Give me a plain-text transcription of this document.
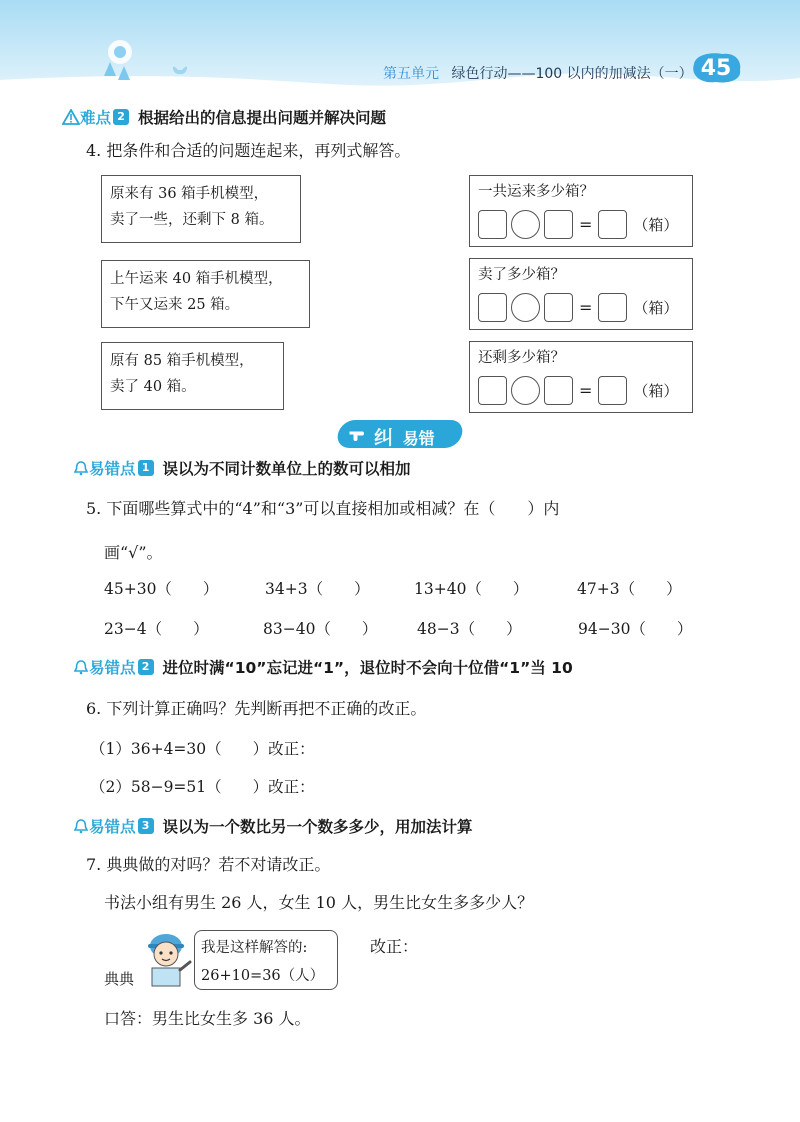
第五单元 绿色行动——100 以内的加减法（一） 45
难点 2 根据给出的信息提出问题并解决问题
4. 把条件和合适的问题连起来，再列式解答。
原来有 36 箱手机模型，
卖了一些，还剩下 8 箱。
上午运来 40 箱手机模型，
下午又运来 25 箱。
原有 85 箱手机模型，
卖了 40 箱。
一共运来多少箱？
=	（箱）
卖了多少箱？
=	（箱）
还剩多少箱？
=	（箱）
纠 易错
易错点 1 误以为不同计数单位上的数可以相加
5. 下面哪些算式中的“4”和“3”可以直接相加或相减？在（　　）内
画“√”。
45+30（　　）	34+3（　　）	13+40（　　）	47+3（　　）
23−4（　　）	83−40（　　）	48−3（　　）	94−30（　　）
易错点 2 进位时满“10”忘记进“1”，退位时不会向十位借“1”当 10
6. 下列计算正确吗？先判断再把不正确的改正。
（1）36+4=30（　　）改正：
（2）58−9=51（　　）改正：
易错点 3 误以为一个数比另一个数多多少，用加法计算
7. 典典做的对吗？若不对请改正。
书法小组有男生 26 人，女生 10 人，男生比女生多多少人？
典典
我是这样解答的:
26+10=36（人）
改正：
口答：男生比女生多 36 人。
